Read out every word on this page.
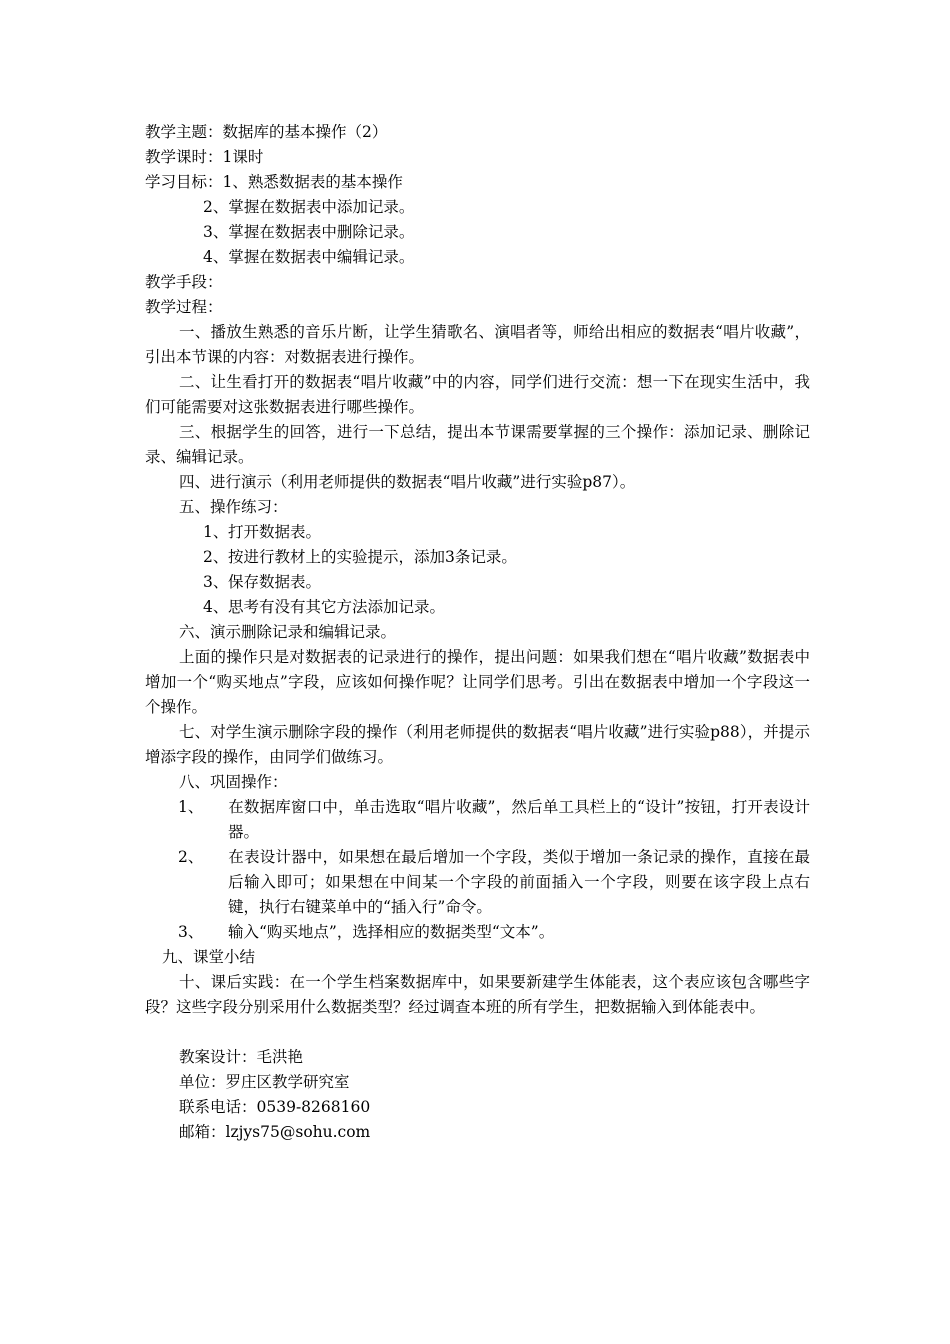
教学主题：数据库的基本操作（2）
教学课时：1课时
学习目标：1、熟悉数据表的基本操作
2、掌握在数据表中添加记录。
3、掌握在数据表中删除记录。
4、掌握在数据表中编辑记录。
教学手段：
教学过程：
一、播放生熟悉的音乐片断，让学生猜歌名、演唱者等，师给出相应的数据表“唱片收藏”，引出本节课的内容：对数据表进行操作。
二、让生看打开的数据表“唱片收藏”中的内容，同学们进行交流：想一下在现实生活中，我们可能需要对这张数据表进行哪些操作。
三、根据学生的回答，进行一下总结，提出本节课需要掌握的三个操作：添加记录、删除记录、编辑记录。
四、进行演示（利用老师提供的数据表“唱片收藏”进行实验p87）。
五、操作练习：
1、打开数据表。
2、按进行教材上的实验提示，添加3条记录。
3、保存数据表。
4、思考有没有其它方法添加记录。
六、演示删除记录和编辑记录。
上面的操作只是对数据表的记录进行的操作，提出问题：如果我们想在“唱片收藏”数据表中增加一个“购买地点”字段，应该如何操作呢？让同学们思考。引出在数据表中增加一个字段这一个操作。
七、对学生演示删除字段的操作（利用老师提供的数据表“唱片收藏”进行实验p88），并提示增添字段的操作，由同学们做练习。
八、巩固操作：
1、 在数据库窗口中，单击选取“唱片收藏”，然后单工具栏上的“设计”按钮，打开表设计器。
2、 在表设计器中，如果想在最后增加一个字段，类似于增加一条记录的操作，直接在最后输入即可；如果想在中间某一个字段的前面插入一个字段，则要在该字段上点右键，执行右键菜单中的“插入行”命令。
3、 输入“购买地点”，选择相应的数据类型“文本”。
九、课堂小结
十、课后实践：在一个学生档案数据库中，如果要新建学生体能表，这个表应该包含哪些字段？这些字段分别采用什么数据类型？经过调查本班的所有学生，把数据输入到体能表中。
教案设计：毛洪艳
单位：罗庄区教学研究室
联系电话：0539-8268160
邮箱：lzjys75@sohu.com
